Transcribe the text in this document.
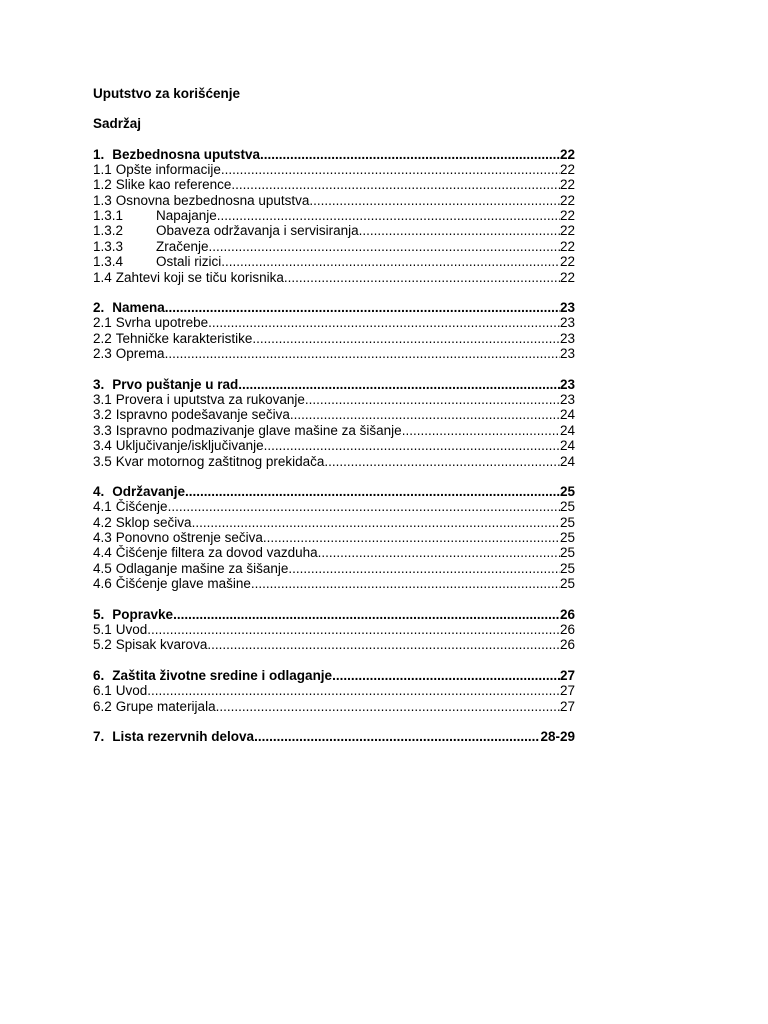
Uputstvo za korišćenje
Sadržaj
1. Bezbednosna uputstva .....	22
1.1 Opšte informacije .....	22
1.2 Slike kao reference .....	22
1.3 Osnovna bezbednosna uputstva .....	22
1.3.1	Napajanje .....	22
1.3.2	Obaveza održavanja i servisiranja .....	22
1.3.3	Zračenje .....	22
1.3.4	Ostali rizici .....	22
1.4 Zahtevi koji se tiču korisnika .....	22
2. Namena .....	23
2.1 Svrha upotrebe .....	23
2.2 Tehničke karakteristike .....	23
2.3 Oprema .....	23
3. Prvo puštanje u rad .....	23
3.1 Provera i uputstva za rukovanje .....	23
3.2 Ispravno podešavanje sečiva .....	24
3.3 Ispravno podmazivanje glave mašine za šišanje .....	24
3.4 Uključivanje/isključivanje .....	24
3.5 Kvar motornog zaštitnog prekidača .....	24
4. Održavanje .....	25
4.1 Čišćenje .....	25
4.2 Sklop sečiva .....	25
4.3 Ponovno oštrenje sečiva .....	25
4.4 Čišćenje filtera za dovod vazduha .....	25
4.5 Odlaganje mašine za šišanje .....	25
4.6 Čišćenje glave mašine .....	25
5. Popravke .....	26
5.1 Uvod .....	26
5.2 Spisak kvarova .....	26
6. Zaštita životne sredine i odlaganje .....	27
6.1 Uvod .....	27
6.2 Grupe materijala .....	27
7. Lista rezervnih delova .....	28-29
